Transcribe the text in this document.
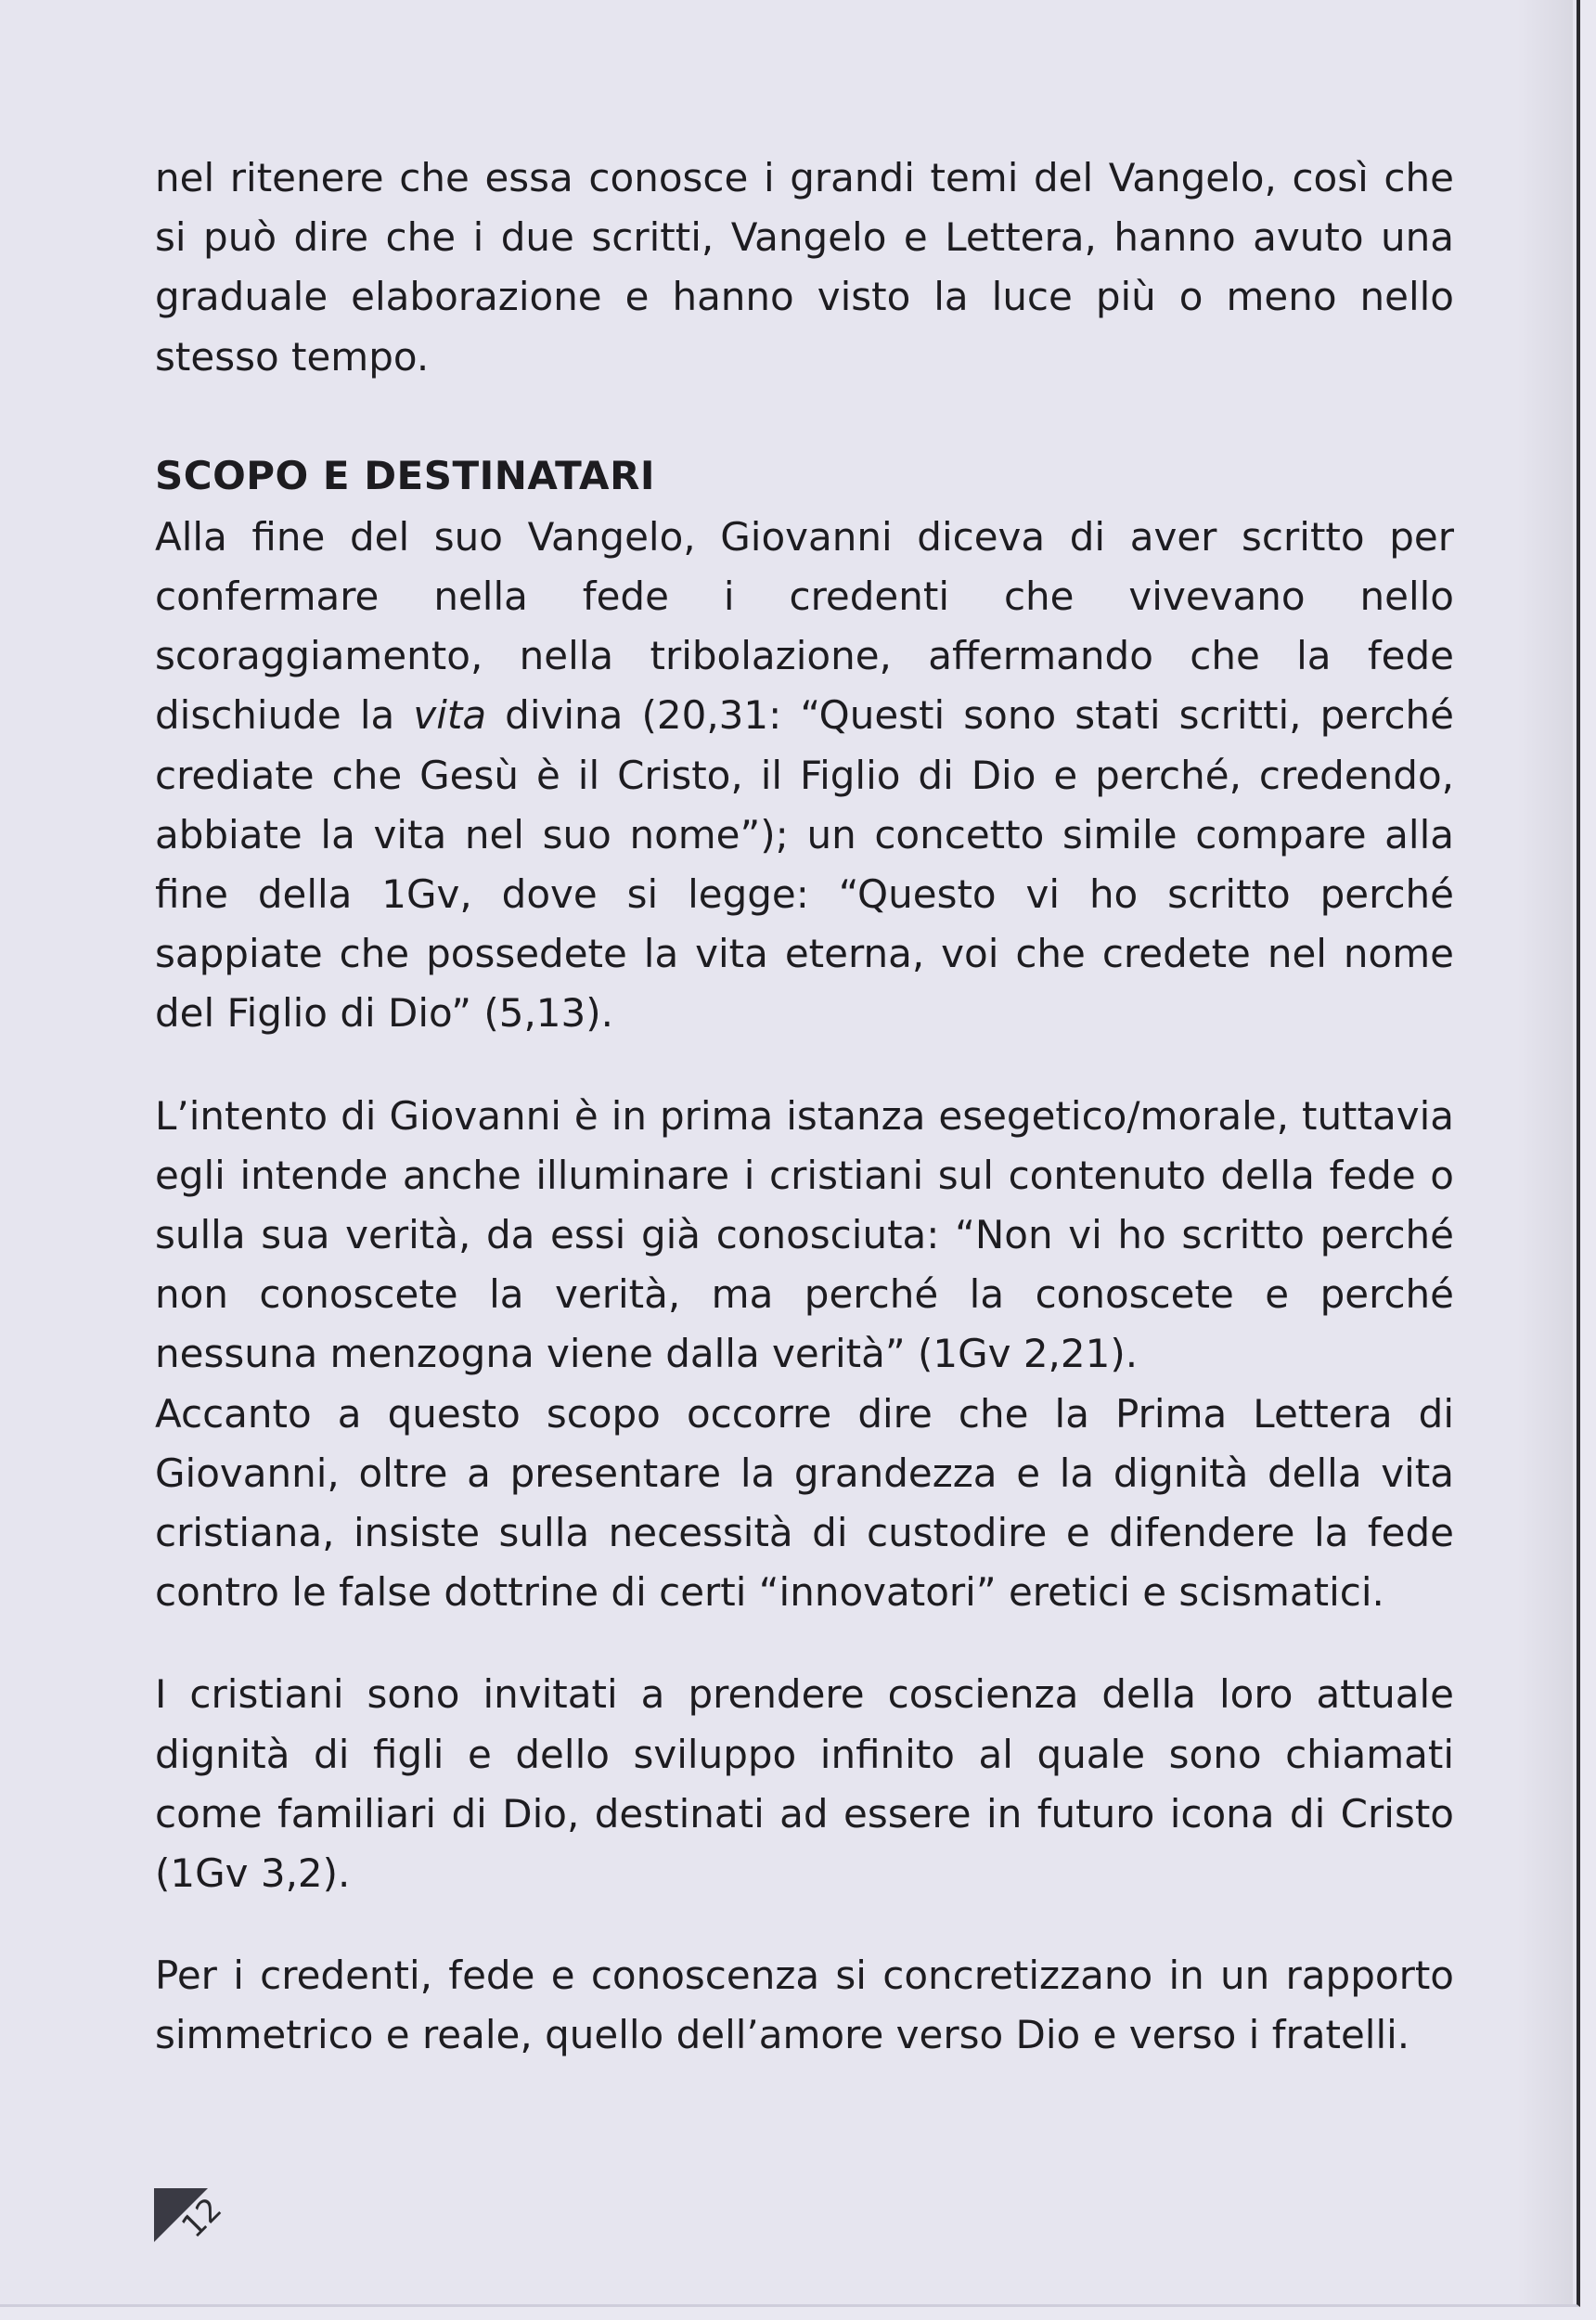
nel ritenere che essa conosce i grandi temi del Vangelo, così che si può dire che i due scritti, Vangelo e Lettera, hanno avuto una graduale elaborazione e hanno visto la luce più o meno nello stesso tempo.

SCOPO E DESTINATARI

Alla fine del suo Vangelo, Giovanni diceva di aver scritto per confermare nella fede i credenti che vivevano nello scoraggiamento, nella tribolazione, affermando che la fede dischiude la vita divina (20,31: “Questi sono stati scritti, perché crediate che Gesù è il Cristo, il Figlio di Dio e perché, credendo, abbiate la vita nel suo nome”); un concetto simile compare alla fine della 1Gv, dove si legge: “Questo vi ho scritto perché sappiate che possedete la vita eterna, voi che credete nel nome del Figlio di Dio” (5,13).

L’intento di Giovanni è in prima istanza esegetico/morale, tuttavia egli intende anche illuminare i cristiani sul contenuto della fede o sulla sua verità, da essi già conosciuta: “Non vi ho scritto perché non conoscete la verità, ma perché la conoscete e perché nessuna menzogna viene dalla verità” (1Gv 2,21).

Accanto a questo scopo occorre dire che la Prima Lettera di Giovanni, oltre a presentare la grandezza e la dignità della vita cristiana, insiste sulla necessità di custodire e difendere la fede contro le false dottrine di certi “innovatori” eretici e scismatici.

I cristiani sono invitati a prendere coscienza della loro attuale dignità di figli e dello sviluppo infinito al quale sono chiamati come familiari di Dio, destinati ad essere in futuro icona di Cristo (1Gv 3,2).

Per i credenti, fede e conoscenza si concretizzano in un rapporto simmetrico e reale, quello dell’amore verso Dio e verso i fratelli.

12
